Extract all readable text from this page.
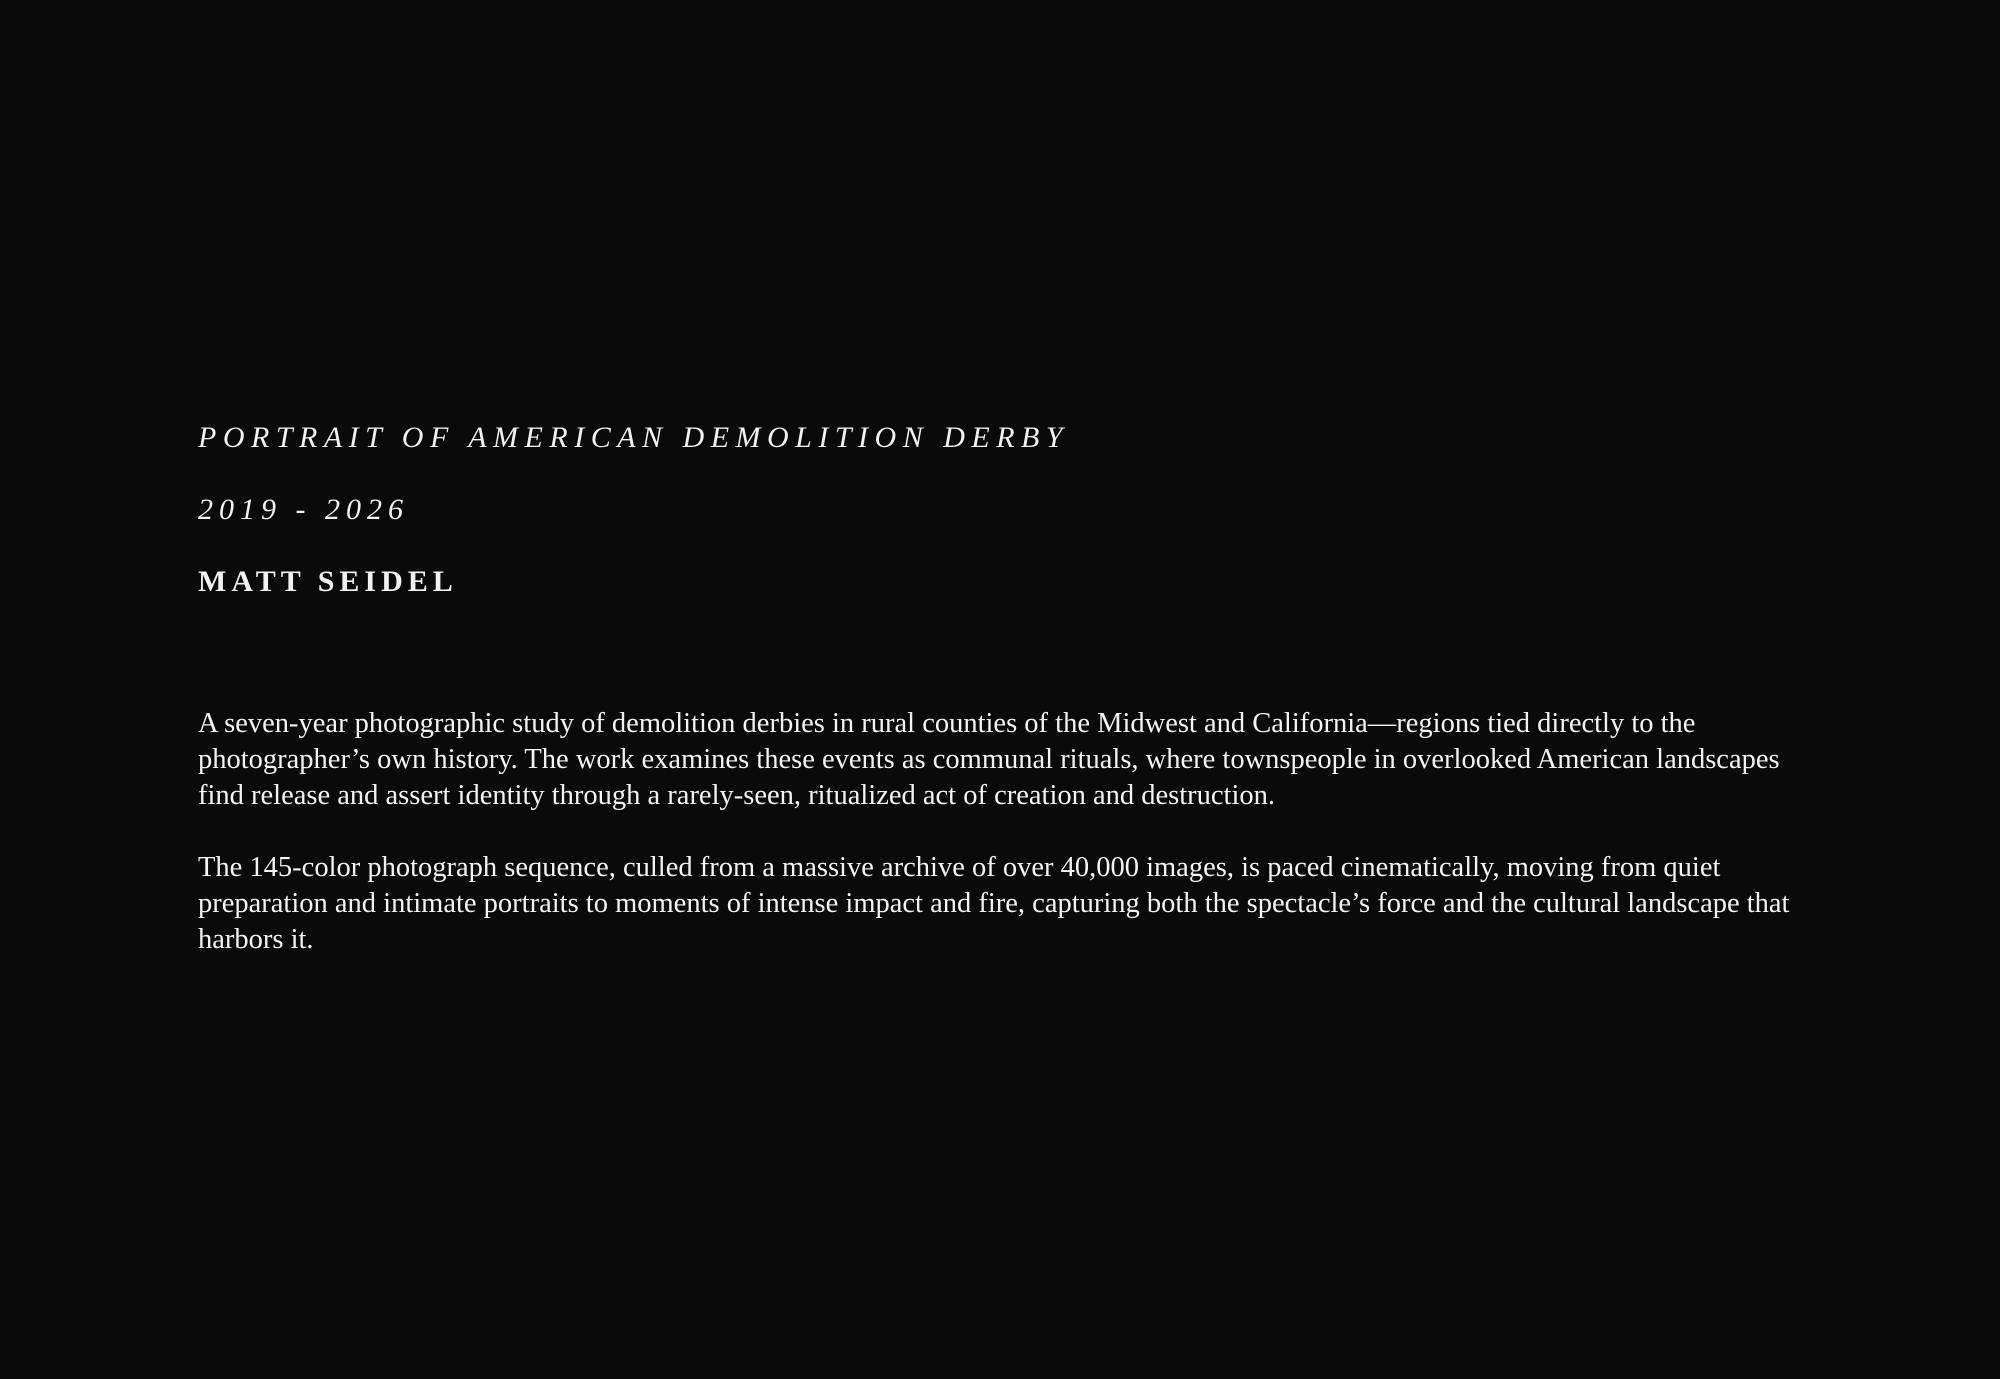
PORTRAIT OF AMERICAN DEMOLITION DERBY
2019 - 2026
MATT SEIDEL

A seven-year photographic study of demolition derbies in rural counties of the Midwest and California—regions tied directly to the photographer’s own history. The work examines these events as communal rituals, where townspeople in overlooked American landscapes find release and assert identity through a rarely-seen, ritualized act of creation and destruction.

The 145-color photograph sequence, culled from a massive archive of over 40,000 images, is paced cinematically, moving from quiet preparation and intimate portraits to moments of intense impact and fire, capturing both the spectacle’s force and the cultural landscape that harbors it.
